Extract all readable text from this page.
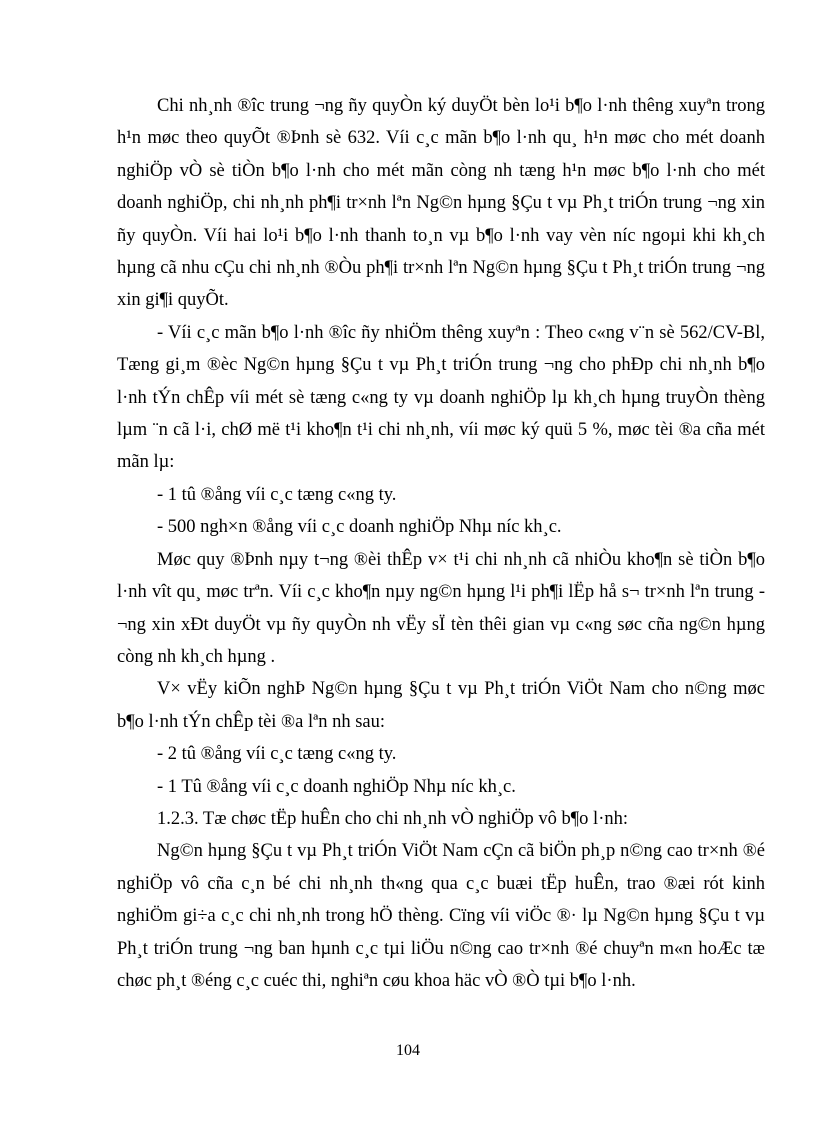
Chi nh¸nh ®îc trung ¬ng ñy quyÒn ký duyÖt bèn lo¹i b¶o l·nh thêng xuyªn trong h¹n møc theo quyÕt ®Þnh sè 632. Víi c¸c mãn b¶o l·nh qu¸ h¹n møc cho mét doanh nghiÖp vÒ sè tiÒn b¶o l·nh cho mét mãn còng nh tæng h¹n møc b¶o l·nh cho mét doanh nghiÖp, chi nh¸nh ph¶i tr×nh lªn Ng©n hµng §Çu t vµ Ph¸t triÓn trung ¬ng xin ñy quyÒn. Víi hai lo¹i b¶o l·nh thanh to¸n vµ b¶o l·nh vay vèn níc ngoµi khi kh¸ch hµng cã nhu cÇu chi nh¸nh ®Òu ph¶i tr×nh lªn Ng©n hµng §Çu t Ph¸t triÓn trung ¬ng xin gi¶i quyÕt.

- Víi c¸c mãn b¶o l·nh ®îc ñy nhiÖm thêng xuyªn : Theo c«ng v¨n sè 562/CV-Bl, Tæng gi¸m ®èc Ng©n hµng §Çu t vµ Ph¸t triÓn trung ¬ng cho phÐp chi nh¸nh b¶o l·nh tÝn chÊp víi mét sè tæng c«ng ty vµ doanh nghiÖp lµ kh¸ch hµng truyÒn thèng lµm ¨n cã l·i, chØ më t¹i kho¶n t¹i chi nh¸nh, víi møc ký quü 5 %, møc tèi ®a cña mét mãn lµ:

- 1 tû ®ång víi c¸c tæng c«ng ty.

- 500 ngh×n ®ång víi c¸c doanh nghiÖp Nhµ níc kh¸c.

Møc quy ®Þnh nµy t¬ng ®èi thÊp v× t¹i chi nh¸nh cã nhiÒu kho¶n sè tiÒn b¶o l·nh vît qu¸ møc trªn. Víi c¸c kho¶n nµy ng©n hµng l¹i ph¶i lËp hå s¬ tr×nh lªn trung ¬ng xin xÐt duyÖt vµ ñy quyÒn nh vËy sÏ tèn thêi gian vµ c«ng søc cña ng©n hµng còng nh kh¸ch hµng .

V× vËy kiÕn nghÞ Ng©n hµng §Çu t vµ Ph¸t triÓn ViÖt Nam cho n©ng møc b¶o l·nh tÝn chÊp tèi ®a lªn nh sau:

- 2 tû ®ång víi c¸c tæng c«ng ty.

- 1 Tû ®ång víi c¸c doanh nghiÖp Nhµ níc kh¸c.

1.2.3. Tæ chøc tËp huÊn cho chi nh¸nh vÒ nghiÖp vô b¶o l·nh:

Ng©n hµng §Çu t vµ Ph¸t triÓn ViÖt Nam cÇn cã biÖn ph¸p n©ng cao tr×nh ®é nghiÖp vô cña c¸n bé chi nh¸nh th«ng qua c¸c buæi tËp huÊn, trao ®æi rót kinh nghiÖm gi÷a c¸c chi nh¸nh trong hÖ thèng. Cïng víi viÖc ®· lµ Ng©n hµng §Çu t vµ Ph¸t triÓn trung ¬ng ban hµnh c¸c tµi liÖu n©ng cao tr×nh ®é chuyªn m«n hoÆc tæ chøc ph¸t ®éng c¸c cuéc thi, nghiªn cøu khoa häc vÒ ®Ò tµi b¶o l·nh.

104
